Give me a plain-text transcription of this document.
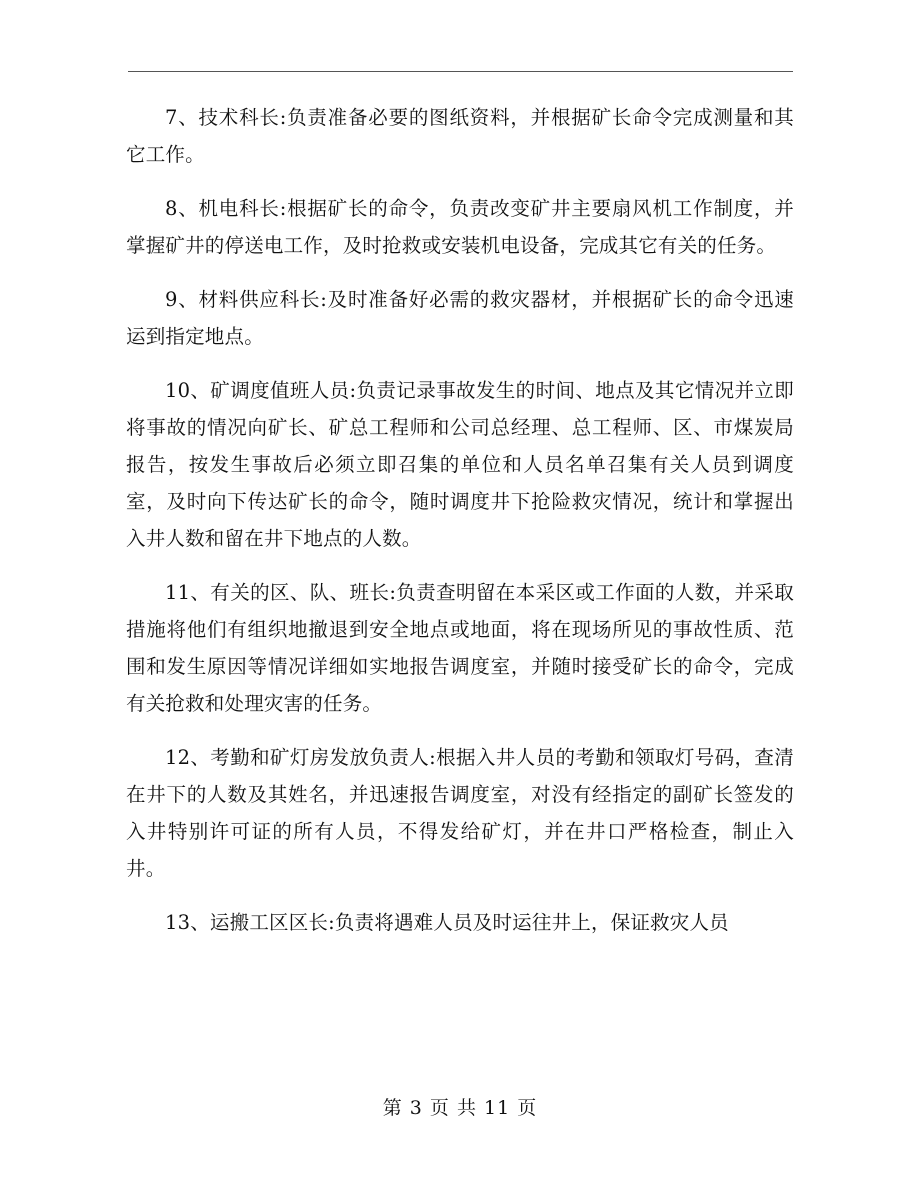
7、技术科长:负责准备必要的图纸资料，并根据矿长命令完成测量和其它工作。

8、机电科长:根据矿长的命令，负责改变矿井主要扇风机工作制度，并掌握矿井的停送电工作，及时抢救或安装机电设备，完成其它有关的任务。

9、材料供应科长:及时准备好必需的救灾器材，并根据矿长的命令迅速运到指定地点。

10、矿调度值班人员:负责记录事故发生的时间、地点及其它情况并立即将事故的情况向矿长、矿总工程师和公司总经理、总工程师、区、市煤炭局报告，按发生事故后必须立即召集的单位和人员名单召集有关人员到调度室，及时向下传达矿长的命令，随时调度井下抢险救灾情况，统计和掌握出入井人数和留在井下地点的人数。

11、有关的区、队、班长:负责查明留在本采区或工作面的人数，并采取措施将他们有组织地撤退到安全地点或地面，将在现场所见的事故性质、范围和发生原因等情况详细如实地报告调度室，并随时接受矿长的命令，完成有关抢救和处理灾害的任务。

12、考勤和矿灯房发放负责人:根据入井人员的考勤和领取灯号码，查清在井下的人数及其姓名，并迅速报告调度室，对没有经指定的副矿长签发的入井特别许可证的所有人员，不得发给矿灯，并在井口严格检查，制止入井。

13、运搬工区区长:负责将遇难人员及时运往井上，保证救灾人员

第 3 页 共 11 页
